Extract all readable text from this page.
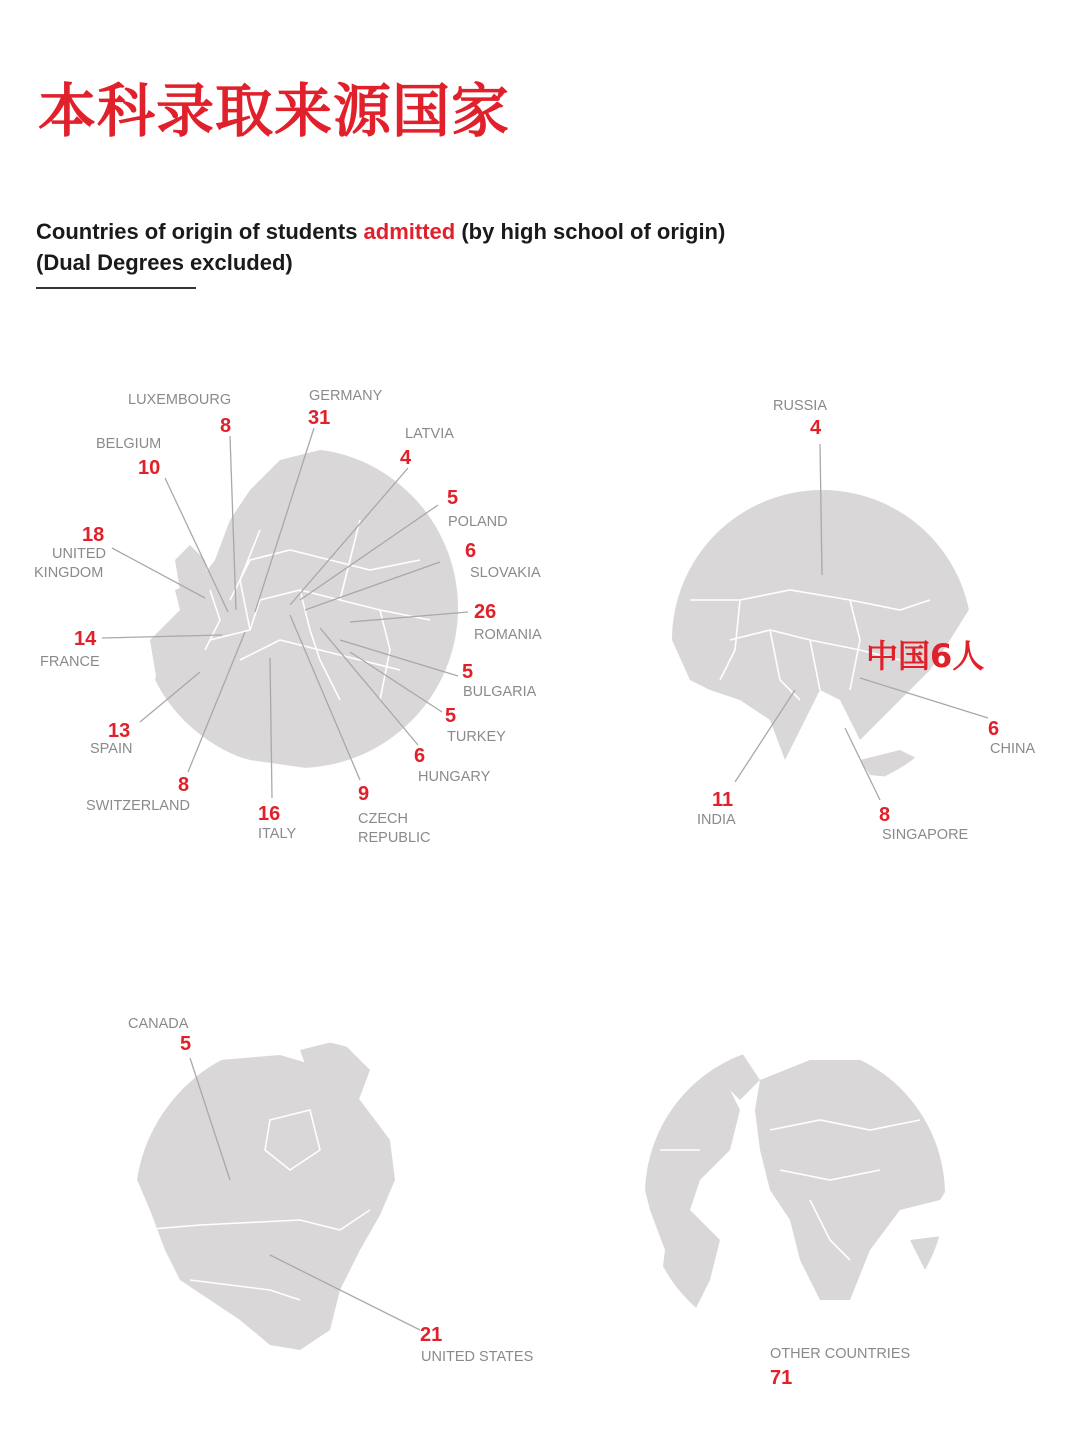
本科录取来源国家
Countries of origin of students admitted (by high school of origin)
(Dual Degrees excluded)
LUXEMBOURG
8
GERMANY
31
BELGIUM
10
LATVIA
4
5
POLAND
18
UNITED
KINGDOM
6
SLOVAKIA
26
ROMANIA
14
FRANCE	5
BULGARIA
13
SPAIN
5
TURKEY
6
HUNGARY
8
SWITZERLAND	16
ITALY
9
CZECH
REPUBLIC
RUSSIA
4
中国6人
6
CHINA
11
INDIA	8
SINGAPORE
CANADA
5
21
UNITED STATES	OTHER COUNTRIES
71
